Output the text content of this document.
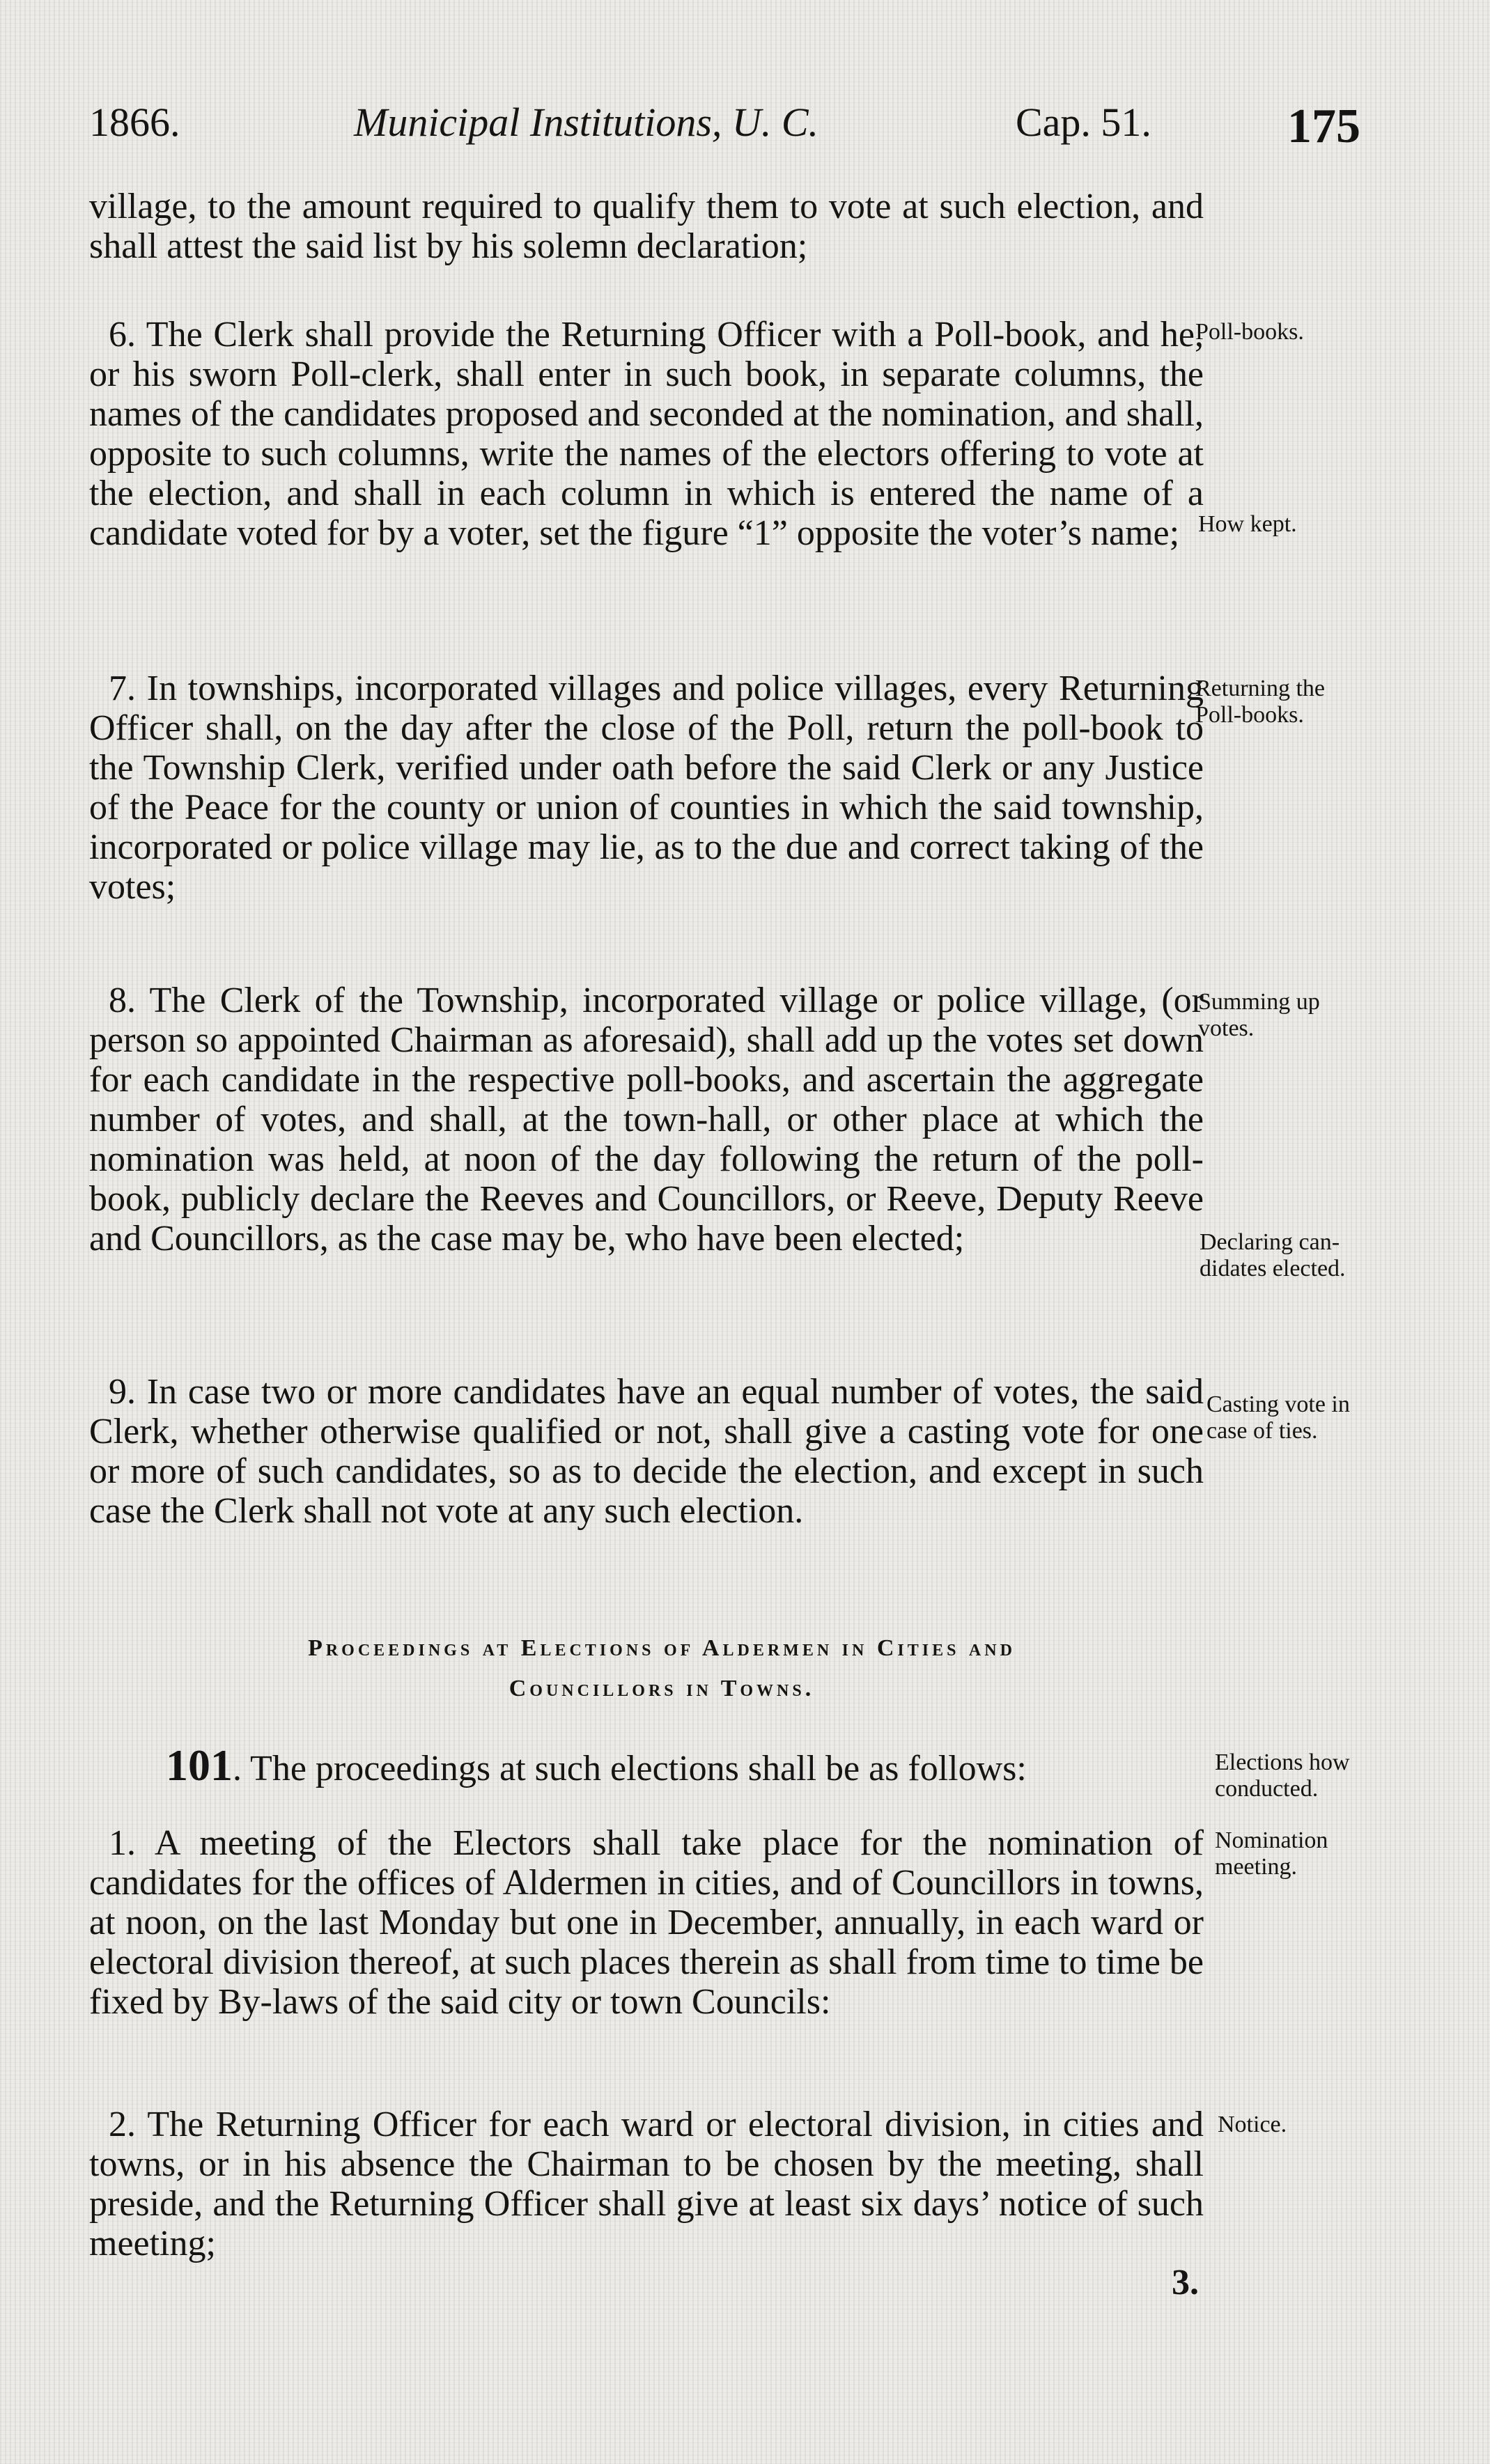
1866.	Municipal Institutions, U. C.	Cap. 51.	175
village, to the amount required to qualify them to vote at such election, and shall attest the said list by his solemn declaration;
6. The Clerk shall provide the Returning Officer with a Poll-book, and he, or his sworn Poll-clerk, shall enter in such book, in separate columns, the names of the candidates proposed and seconded at the nomination, and shall, opposite to such columns, write the names of the electors offering to vote at the election, and shall in each column in which is entered the name of a candidate voted for by a voter, set the figure “1” opposite the voter’s name;
7. In townships, incorporated villages and police villages, every Returning Officer shall, on the day after the close of the Poll, return the poll-book to the Township Clerk, verified under oath before the said Clerk or any Justice of the Peace for the county or union of counties in which the said township, incorporated or police village may lie, as to the due and correct taking of the votes;
8. The Clerk of the Township, incorporated village or police village, (or person so appointed Chairman as aforesaid), shall add up the votes set down for each candidate in the respective poll-books, and ascertain the aggregate number of votes, and shall, at the town-hall, or other place at which the nomination was held, at noon of the day following the return of the poll-book, publicly declare the Reeves and Councillors, or Reeve, Deputy Reeve and Councillors, as the case may be, who have been elected;
9. In case two or more candidates have an equal number of votes, the said Clerk, whether otherwise qualified or not, shall give a casting vote for one or more of such candidates, so as to decide the election, and except in such case the Clerk shall not vote at any such election.
Proceedings at Elections of Aldermen in Cities and
Councillors in Towns.
101. The proceedings at such elections shall be as follows:
1. A meeting of the Electors shall take place for the nomination of candidates for the offices of Aldermen in cities, and of Councillors in towns, at noon, on the last Monday but one in December, annually, in each ward or electoral division thereof, at such places therein as shall from time to time be fixed by By-laws of the said city or town Councils:
2. The Returning Officer for each ward or electoral division, in cities and towns, or in his absence the Chairman to be chosen by the meeting, shall preside, and the Returning Officer shall give at least six days’ notice of such meeting;
3.
Poll-books.
How kept.
Returning the
Poll-books.
Summing up
votes.
Declaring can-
didates elected.
Casting vote in
case of ties.
Elections how
conducted.
Nomination
meeting.
Notice.
